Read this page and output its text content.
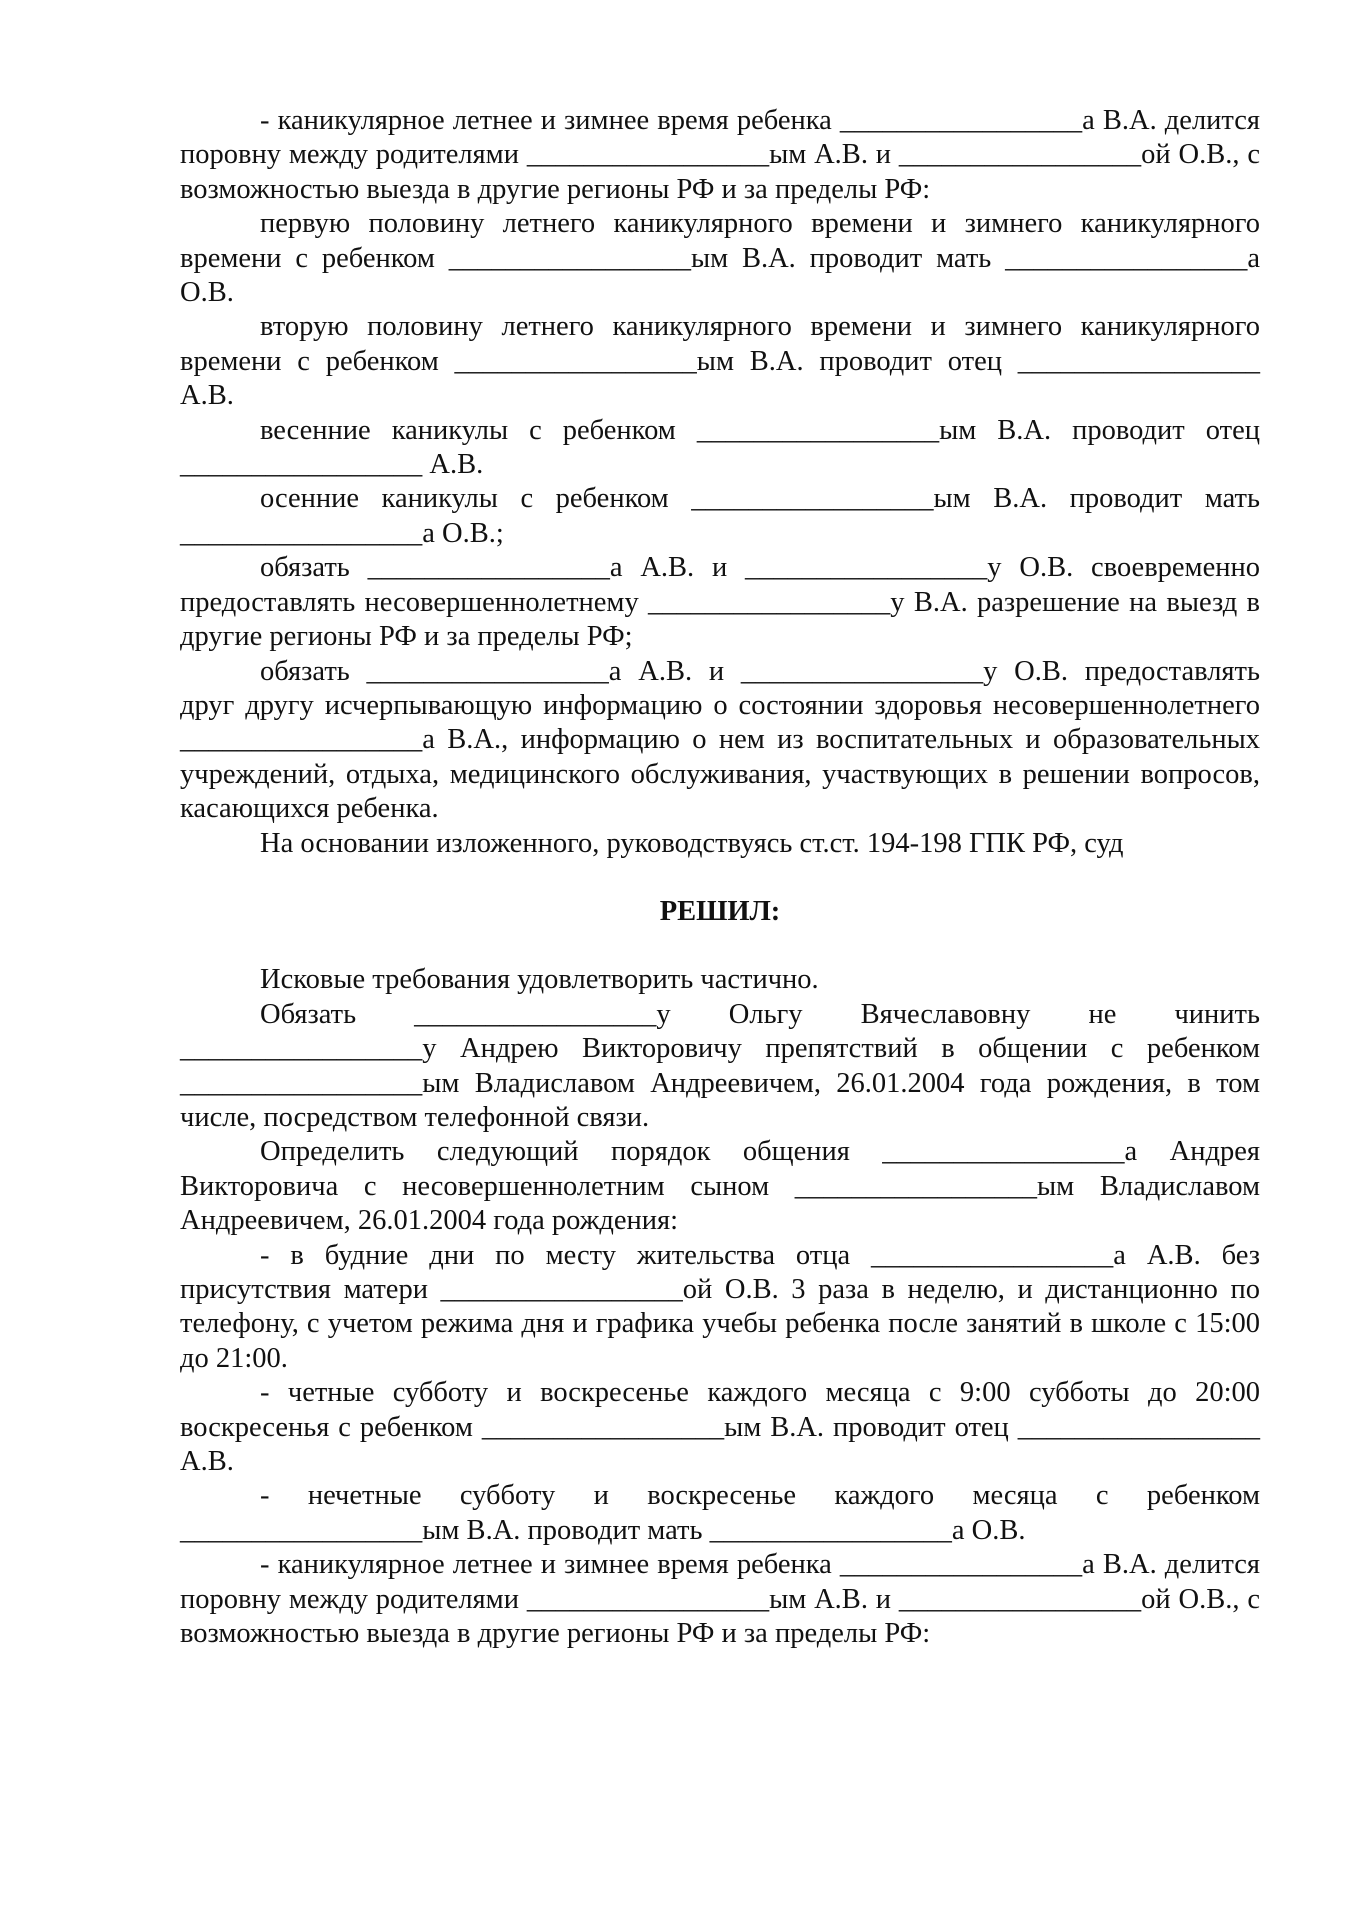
- каникулярное летнее и зимнее время ребенка _________________а В.А. делится поровну между родителями _________________ым А.В. и _________________ой О.В., с возможностью выезда в другие регионы РФ и за пределы РФ:

первую половину летнего каникулярного времени и зимнего каникулярного времени с ребенком _________________ым В.А. проводит мать _________________а О.В.

вторую половину летнего каникулярного времени и зимнего каникулярного времени с ребенком _________________ым В.А. проводит отец _________________ А.В.

весенние каникулы с ребенком _________________ым В.А. проводит отец _________________ А.В.

осенние каникулы с ребенком _________________ым В.А. проводит мать _________________а О.В.;

обязать _________________а А.В. и _________________у О.В. своевременно предоставлять несовершеннолетнему _________________у В.А. разрешение на выезд в другие регионы РФ и за пределы РФ;

обязать _________________а А.В. и _________________у О.В. предоставлять друг другу исчерпывающую информацию о состоянии здоровья несовершеннолетнего _________________а В.А., информацию о нем из воспитательных и образовательных учреждений, отдыха, медицинского обслуживания, участвующих в решении вопросов, касающихся ребенка.

На основании изложенного, руководствуясь ст.ст. 194-198 ГПК РФ, суд

РЕШИЛ:

Исковые требования удовлетворить частично.

Обязать _________________у Ольгу Вячеславовну не чинить _________________у Андрею Викторовичу препятствий в общении с ребенком _________________ым Владиславом Андреевичем, 26.01.2004 года рождения, в том числе, посредством телефонной связи.

Определить следующий порядок общения _________________а Андрея Викторовича с несовершеннолетним сыном _________________ым Владиславом Андреевичем, 26.01.2004 года рождения:

- в будние дни по месту жительства отца _________________а А.В. без присутствия матери _________________ой О.В. 3 раза в неделю, и дистанционно по телефону, с учетом режима дня и графика учебы ребенка после занятий в школе с 15:00 до 21:00.

- четные субботу и воскресенье каждого месяца с 9:00 субботы до 20:00 воскресенья с ребенком _________________ым В.А. проводит отец _________________ А.В.

- нечетные субботу и воскресенье каждого месяца с ребенком _________________ым В.А. проводит мать _________________а О.В.

- каникулярное летнее и зимнее время ребенка _________________а В.А. делится поровну между родителями _________________ым А.В. и _________________ой О.В., с возможностью выезда в другие регионы РФ и за пределы РФ:
